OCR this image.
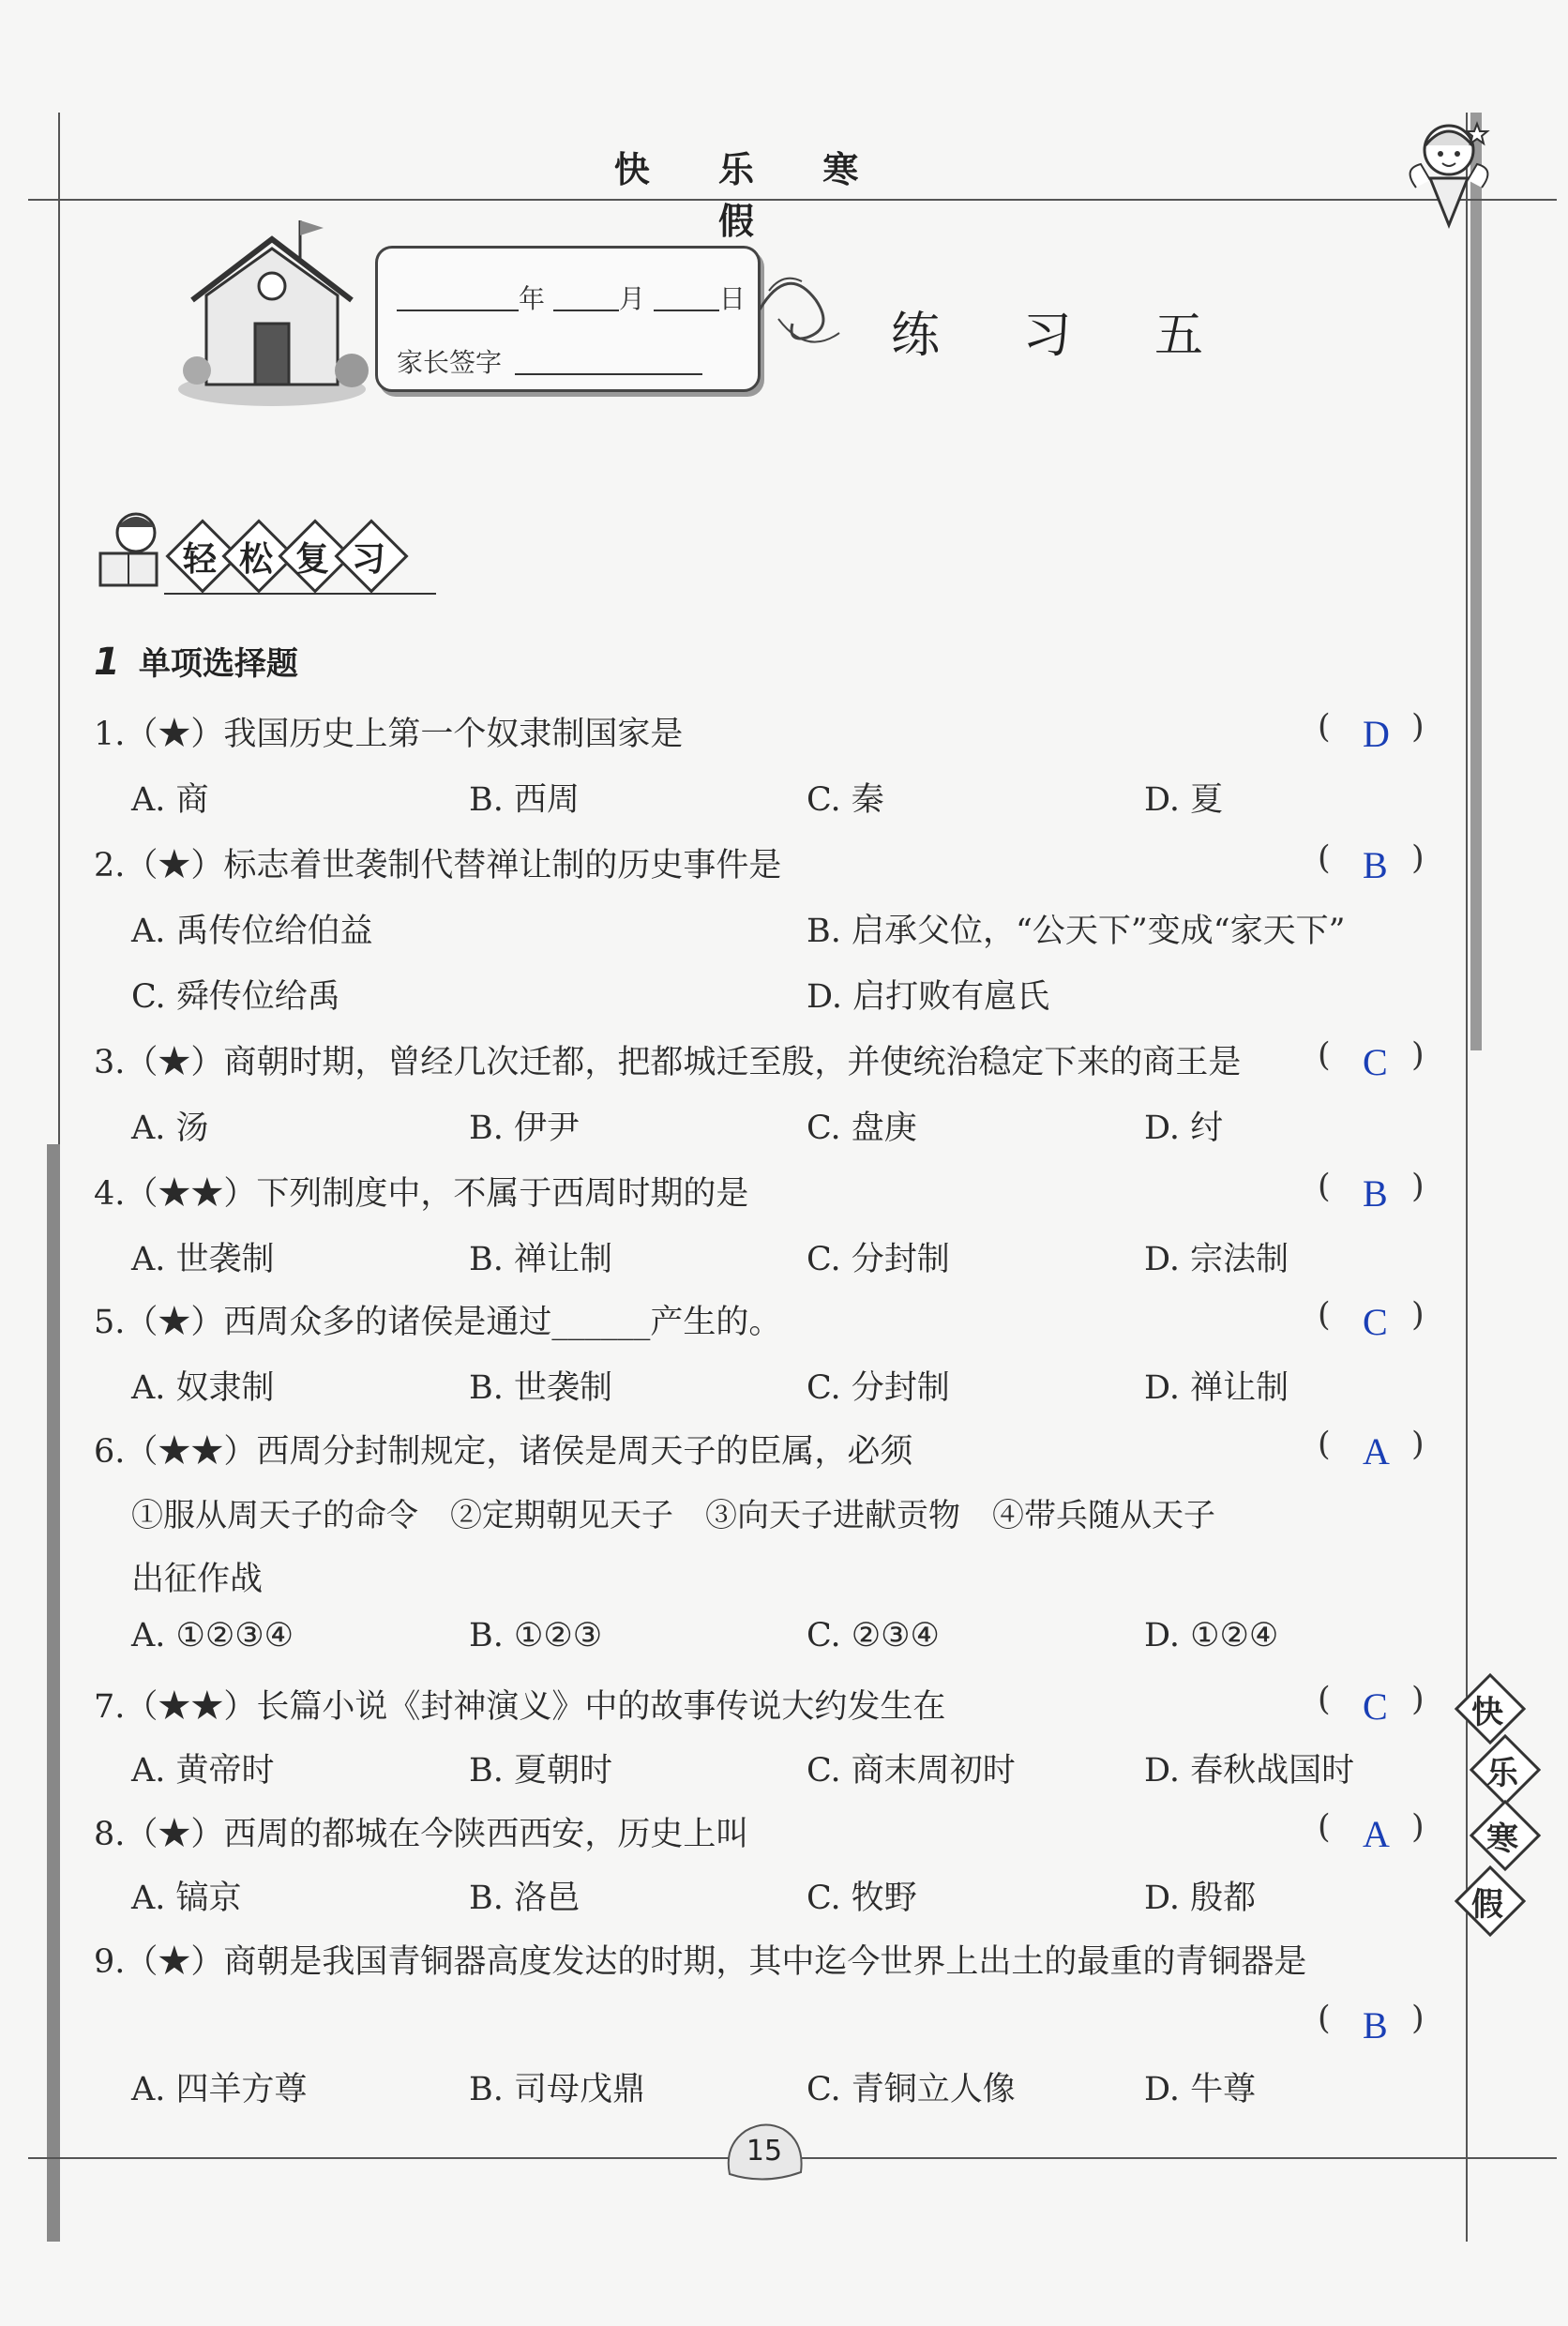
快 乐 寒 假
年	月	日
家长签字	练 习 五
轻 松 复 习
1 单项选择题
1.（★）我国历史上第一个奴隶制国家是	( D )
A. 商	B. 西周	C. 秦	D. 夏
2.（★）标志着世袭制代替禅让制的历史事件是	( B )
A. 禹传位给伯益	B. 启承父位，“公天下”变成“家天下”
C. 舜传位给禹	D. 启打败有扈氏
3.（★）商朝时期，曾经几次迁都，把都城迁至殷，并使统治稳定下来的商王是 ( C )
A. 汤	B. 伊尹	C. 盘庚	D. 纣
4.（★★）下列制度中，不属于西周时期的是	( B )
A. 世袭制	B. 禅让制	C. 分封制	D. 宗法制
5.（★）西周众多的诸侯是通过______产生的。	( C )
A. 奴隶制	B. 世袭制	C. 分封制	D. 禅让制
6.（★★）西周分封制规定，诸侯是周天子的臣属，必须	( A )
①服从周天子的命令　②定期朝见天子　③向天子进献贡物　④带兵随从天子
出征作战
A. ①②③④	B. ①②③	C. ②③④	D. ①②④
7.（★★）长篇小说《封神演义》中的故事传说大约发生在	( C )
A. 黄帝时	B. 夏朝时	C. 商末周初时	D. 春秋战国时
8.（★）西周的都城在今陕西西安，历史上叫	( A )
A. 镐京	B. 洛邑	C. 牧野	D. 殷都
9.（★）商朝是我国青铜器高度发达的时期，其中迄今世界上出土的最重的青铜器是
( B )
A. 四羊方尊	B. 司母戊鼎	C. 青铜立人像	D. 牛尊
快
乐
寒
假
15
